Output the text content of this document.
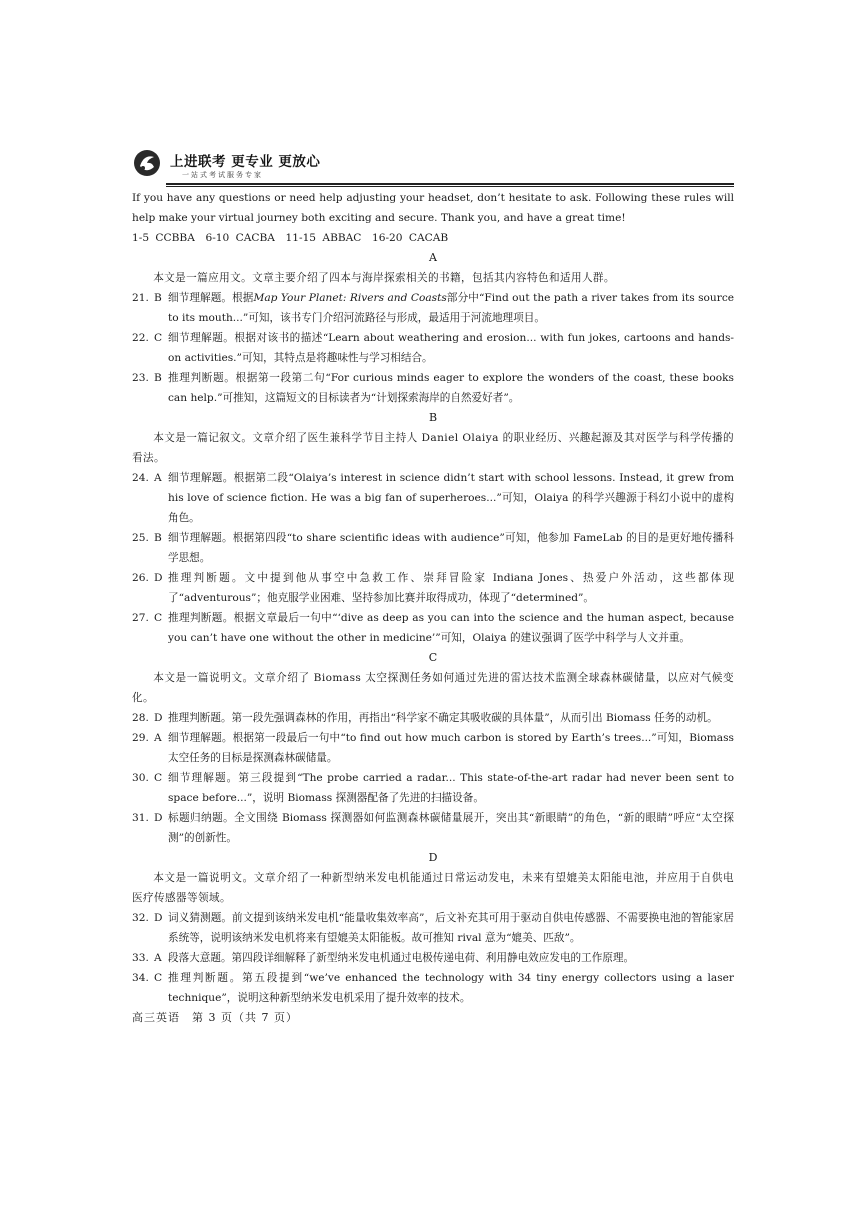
上进联考 更专业 更放心
一站式考试服务专家

If you have any questions or need help adjusting your headset, don’t hesitate to ask. Following these rules will help make your virtual journey both exciting and secure. Thank you, and have a great time!

1-5 CCBBA　6-10 CACBA　11-15 ABBAC　16-20 CACAB

A

本文是一篇应用文。文章主要介绍了四本与海岸探索相关的书籍，包括其内容特色和适用人群。

21. B 细节理解题。根据Map Your Planet: Rivers and Coasts部分中“Find out the path a river takes from its source to its mouth...”可知，该书专门介绍河流路径与形成，最适用于河流地理项目。
22. C 细节理解题。根据对该书的描述“Learn about weathering and erosion... with fun jokes, cartoons and hands-on activities.”可知，其特点是将趣味性与学习相结合。
23. B 推理判断题。根据第一段第二句“For curious minds eager to explore the wonders of the coast, these books can help.”可推知，这篇短文的目标读者为“计划探索海岸的自然爱好者”。

B

本文是一篇记叙文。文章介绍了医生兼科学节目主持人 Daniel Olaiya 的职业经历、兴趣起源及其对医学与科学传播的看法。

24. A 细节理解题。根据第二段“Olaiya’s interest in science didn’t start with school lessons. Instead, it grew from his love of science fiction. He was a big fan of superheroes...”可知，Olaiya 的科学兴趣源于科幻小说中的虚构角色。
25. B 细节理解题。根据第四段“to share scientific ideas with audience”可知，他参加 FameLab 的目的是更好地传播科学思想。
26. D 推理判断题。文中提到他从事空中急救工作、崇拜冒险家 Indiana Jones、热爱户外活动，这些都体现了“adventurous”；他克服学业困难、坚持参加比赛并取得成功，体现了“determined”。
27. C 推理判断题。根据文章最后一句中“‘dive as deep as you can into the science and the human aspect, because you can’t have one without the other in medicine’”可知，Olaiya 的建议强调了医学中科学与人文并重。

C

本文是一篇说明文。文章介绍了 Biomass 太空探测任务如何通过先进的雷达技术监测全球森林碳储量，以应对气候变化。

28. D 推理判断题。第一段先强调森林的作用，再指出“科学家不确定其吸收碳的具体量”，从而引出 Biomass 任务的动机。
29. A 细节理解题。根据第一段最后一句中“to find out how much carbon is stored by Earth’s trees...”可知，Biomass 太空任务的目标是探测森林碳储量。
30. C 细节理解题。第三段提到“The probe carried a radar... This state-of-the-art radar had never been sent to space before...”，说明 Biomass 探测器配备了先进的扫描设备。
31. D 标题归纳题。全文围绕 Biomass 探测器如何监测森林碳储量展开，突出其“新眼睛”的角色，“新的眼睛”呼应“太空探测”的创新性。

D

本文是一篇说明文。文章介绍了一种新型纳米发电机能通过日常运动发电，未来有望媲美太阳能电池，并应用于自供电医疗传感器等领域。

32. D 词义猜测题。前文提到该纳米发电机“能量收集效率高”，后文补充其可用于驱动自供电传感器、不需要换电池的智能家居系统等，说明该纳米发电机将来有望媲美太阳能板。故可推知 rival 意为“媲美、匹敌”。
33. A 段落大意题。第四段详细解释了新型纳米发电机通过电极传递电荷、利用静电效应发电的工作原理。
34. C 推理判断题。第五段提到“we’ve enhanced the technology with 34 tiny energy collectors using a laser technique”，说明这种新型纳米发电机采用了提升效率的技术。

高三英语　第 3 页（共 7 页）
